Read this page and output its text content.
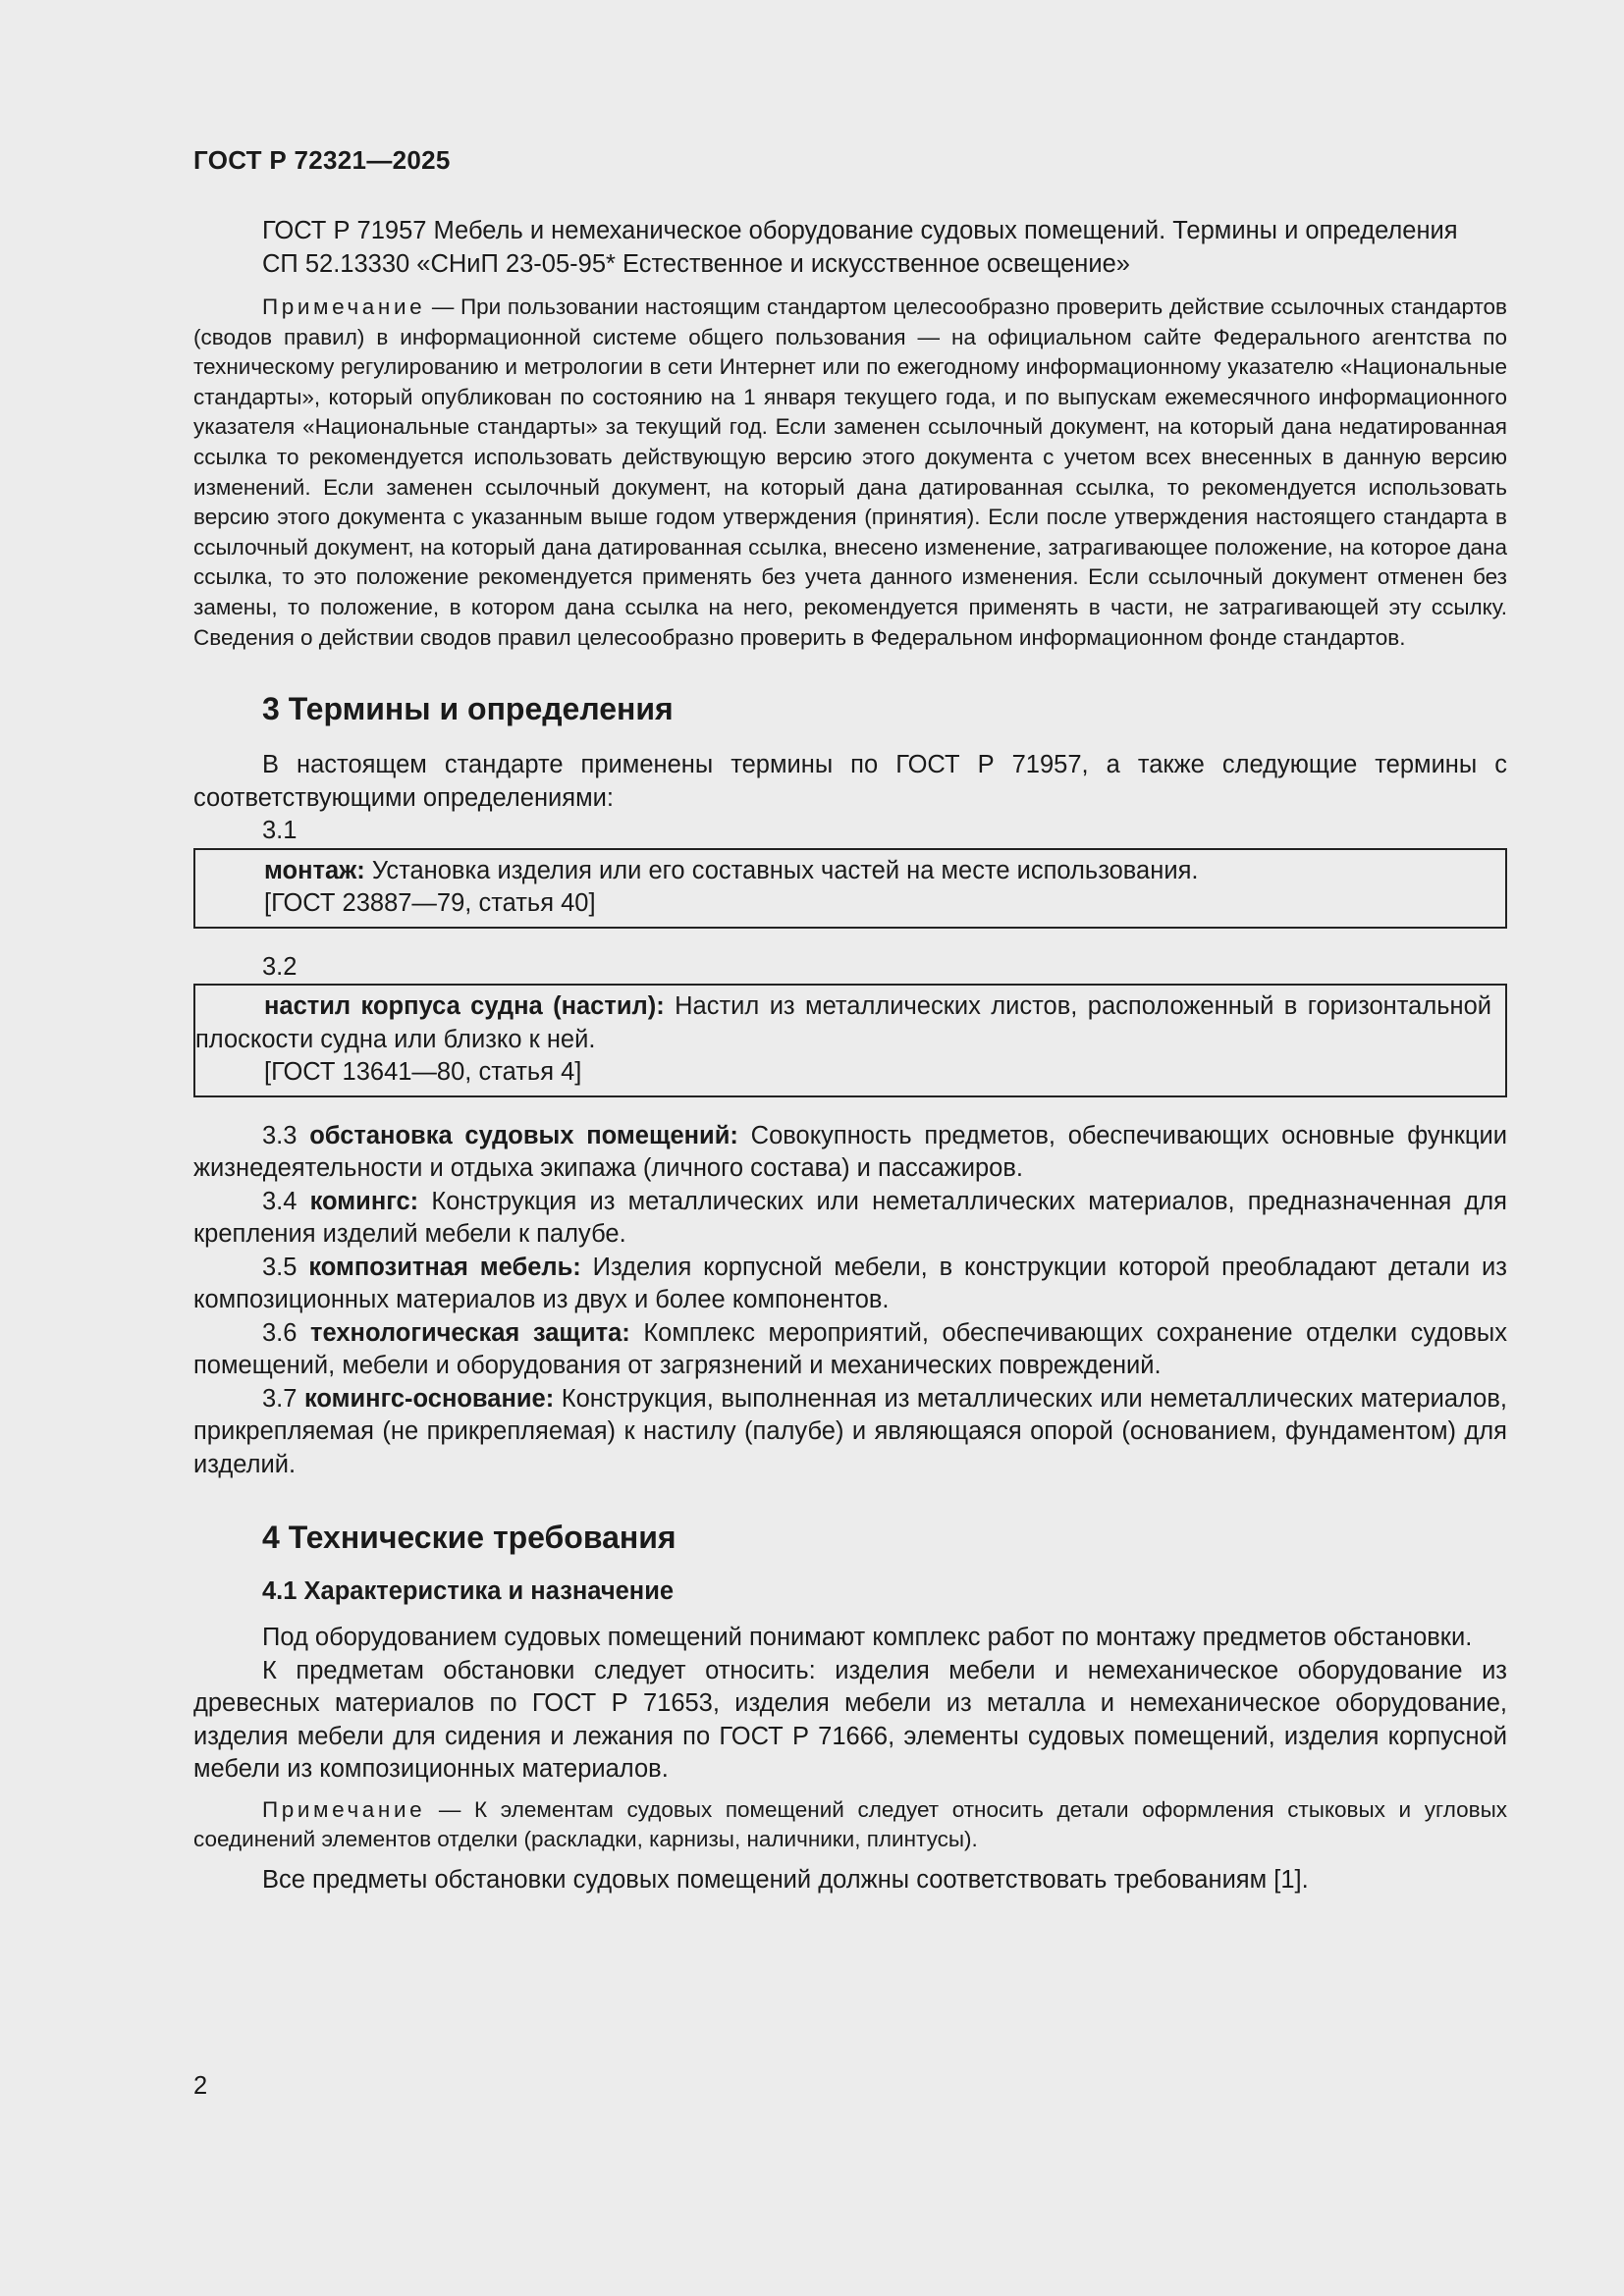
ГОСТ Р 72321—2025

ГОСТ Р 71957 Мебель и немеханическое оборудование судовых помещений. Термины и определения

СП 52.13330 «СНиП 23-05-95* Естественное и искусственное освещение»

Примечание — При пользовании настоящим стандартом целесообразно проверить действие ссылочных стандартов (сводов правил) в информационной системе общего пользования — на официальном сайте Федерального агентства по техническому регулированию и метрологии в сети Интернет или по ежегодному информационному указателю «Национальные стандарты», который опубликован по состоянию на 1 января текущего года, и по выпускам ежемесячного информационного указателя «Национальные стандарты» за текущий год. Если заменен ссылочный документ, на который дана недатированная ссылка то рекомендуется использовать действующую версию этого документа с учетом всех внесенных в данную версию изменений. Если заменен ссылочный документ, на который дана датированная ссылка, то рекомендуется использовать версию этого документа с указанным выше годом утверждения (принятия). Если после утверждения настоящего стандарта в ссылочный документ, на который дана датированная ссылка, внесено изменение, затрагивающее положение, на которое дана ссылка, то это положение рекомендуется применять без учета данного изменения. Если ссылочный документ отменен без замены, то положение, в котором дана ссылка на него, рекомендуется применять в части, не затрагивающей эту ссылку. Сведения о действии сводов правил целесообразно проверить в Федеральном информационном фонде стандартов.

3 Термины и определения

В настоящем стандарте применены термины по ГОСТ Р 71957, а также следующие термины с соответствующими определениями:

3.1

монтаж: Установка изделия или его составных частей на месте использования.

[ГОСТ 23887—79, статья 40]

3.2

настил корпуса судна (настил): Настил из металлических листов, расположенный в горизонтальной плоскости судна или близко к ней.

[ГОСТ 13641—80, статья 4]

3.3 обстановка судовых помещений: Совокупность предметов, обеспечивающих основные функции жизнедеятельности и отдыха экипажа (личного состава) и пассажиров.

3.4 комингс: Конструкция из металлических или неметаллических материалов, предназначенная для крепления изделий мебели к палубе.

3.5 композитная мебель: Изделия корпусной мебели, в конструкции которой преобладают детали из композиционных материалов из двух и более компонентов.

3.6 технологическая защита: Комплекс мероприятий, обеспечивающих сохранение отделки судовых помещений, мебели и оборудования от загрязнений и механических повреждений.

3.7 комингс-основание: Конструкция, выполненная из металлических или неметаллических материалов, прикрепляемая (не прикрепляемая) к настилу (палубе) и являющаяся опорой (основанием, фундаментом) для изделий.

4 Технические требования
4.1 Характеристика и назначение

Под оборудованием судовых помещений понимают комплекс работ по монтажу предметов обстановки.

К предметам обстановки следует относить: изделия мебели и немеханическое оборудование из древесных материалов по ГОСТ Р 71653, изделия мебели из металла и немеханическое оборудование, изделия мебели для сидения и лежания по ГОСТ Р 71666, элементы судовых помещений, изделия корпусной мебели из композиционных материалов.

Примечание — К элементам судовых помещений следует относить детали оформления стыковых и угловых соединений элементов отделки (раскладки, карнизы, наличники, плинтусы).

Все предметы обстановки судовых помещений должны соответствовать требованиям [1].

2
